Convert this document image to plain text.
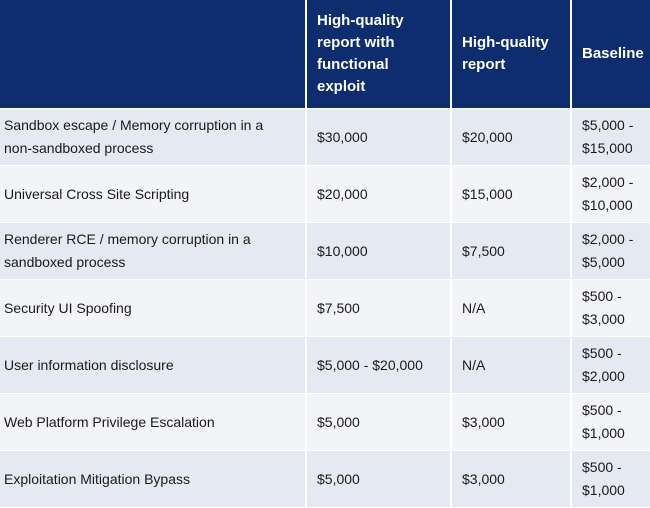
	High-quality report with functional exploit	High-quality report	Baseline
Sandbox escape / Memory corruption in a non-sandboxed process	$30,000	$20,000	$5,000 - $15,000
Universal Cross Site Scripting	$20,000	$15,000	$2,000 - $10,000
Renderer RCE / memory corruption in a sandboxed process	$10,000	$7,500	$2,000 - $5,000
Security UI Spoofing	$7,500	N/A	$500 - $3,000
User information disclosure	$5,000 - $20,000	N/A	$500 - $2,000
Web Platform Privilege Escalation	$5,000	$3,000	$500 - $1,000
Exploitation Mitigation Bypass	$5,000	$3,000	$500 - $1,000
